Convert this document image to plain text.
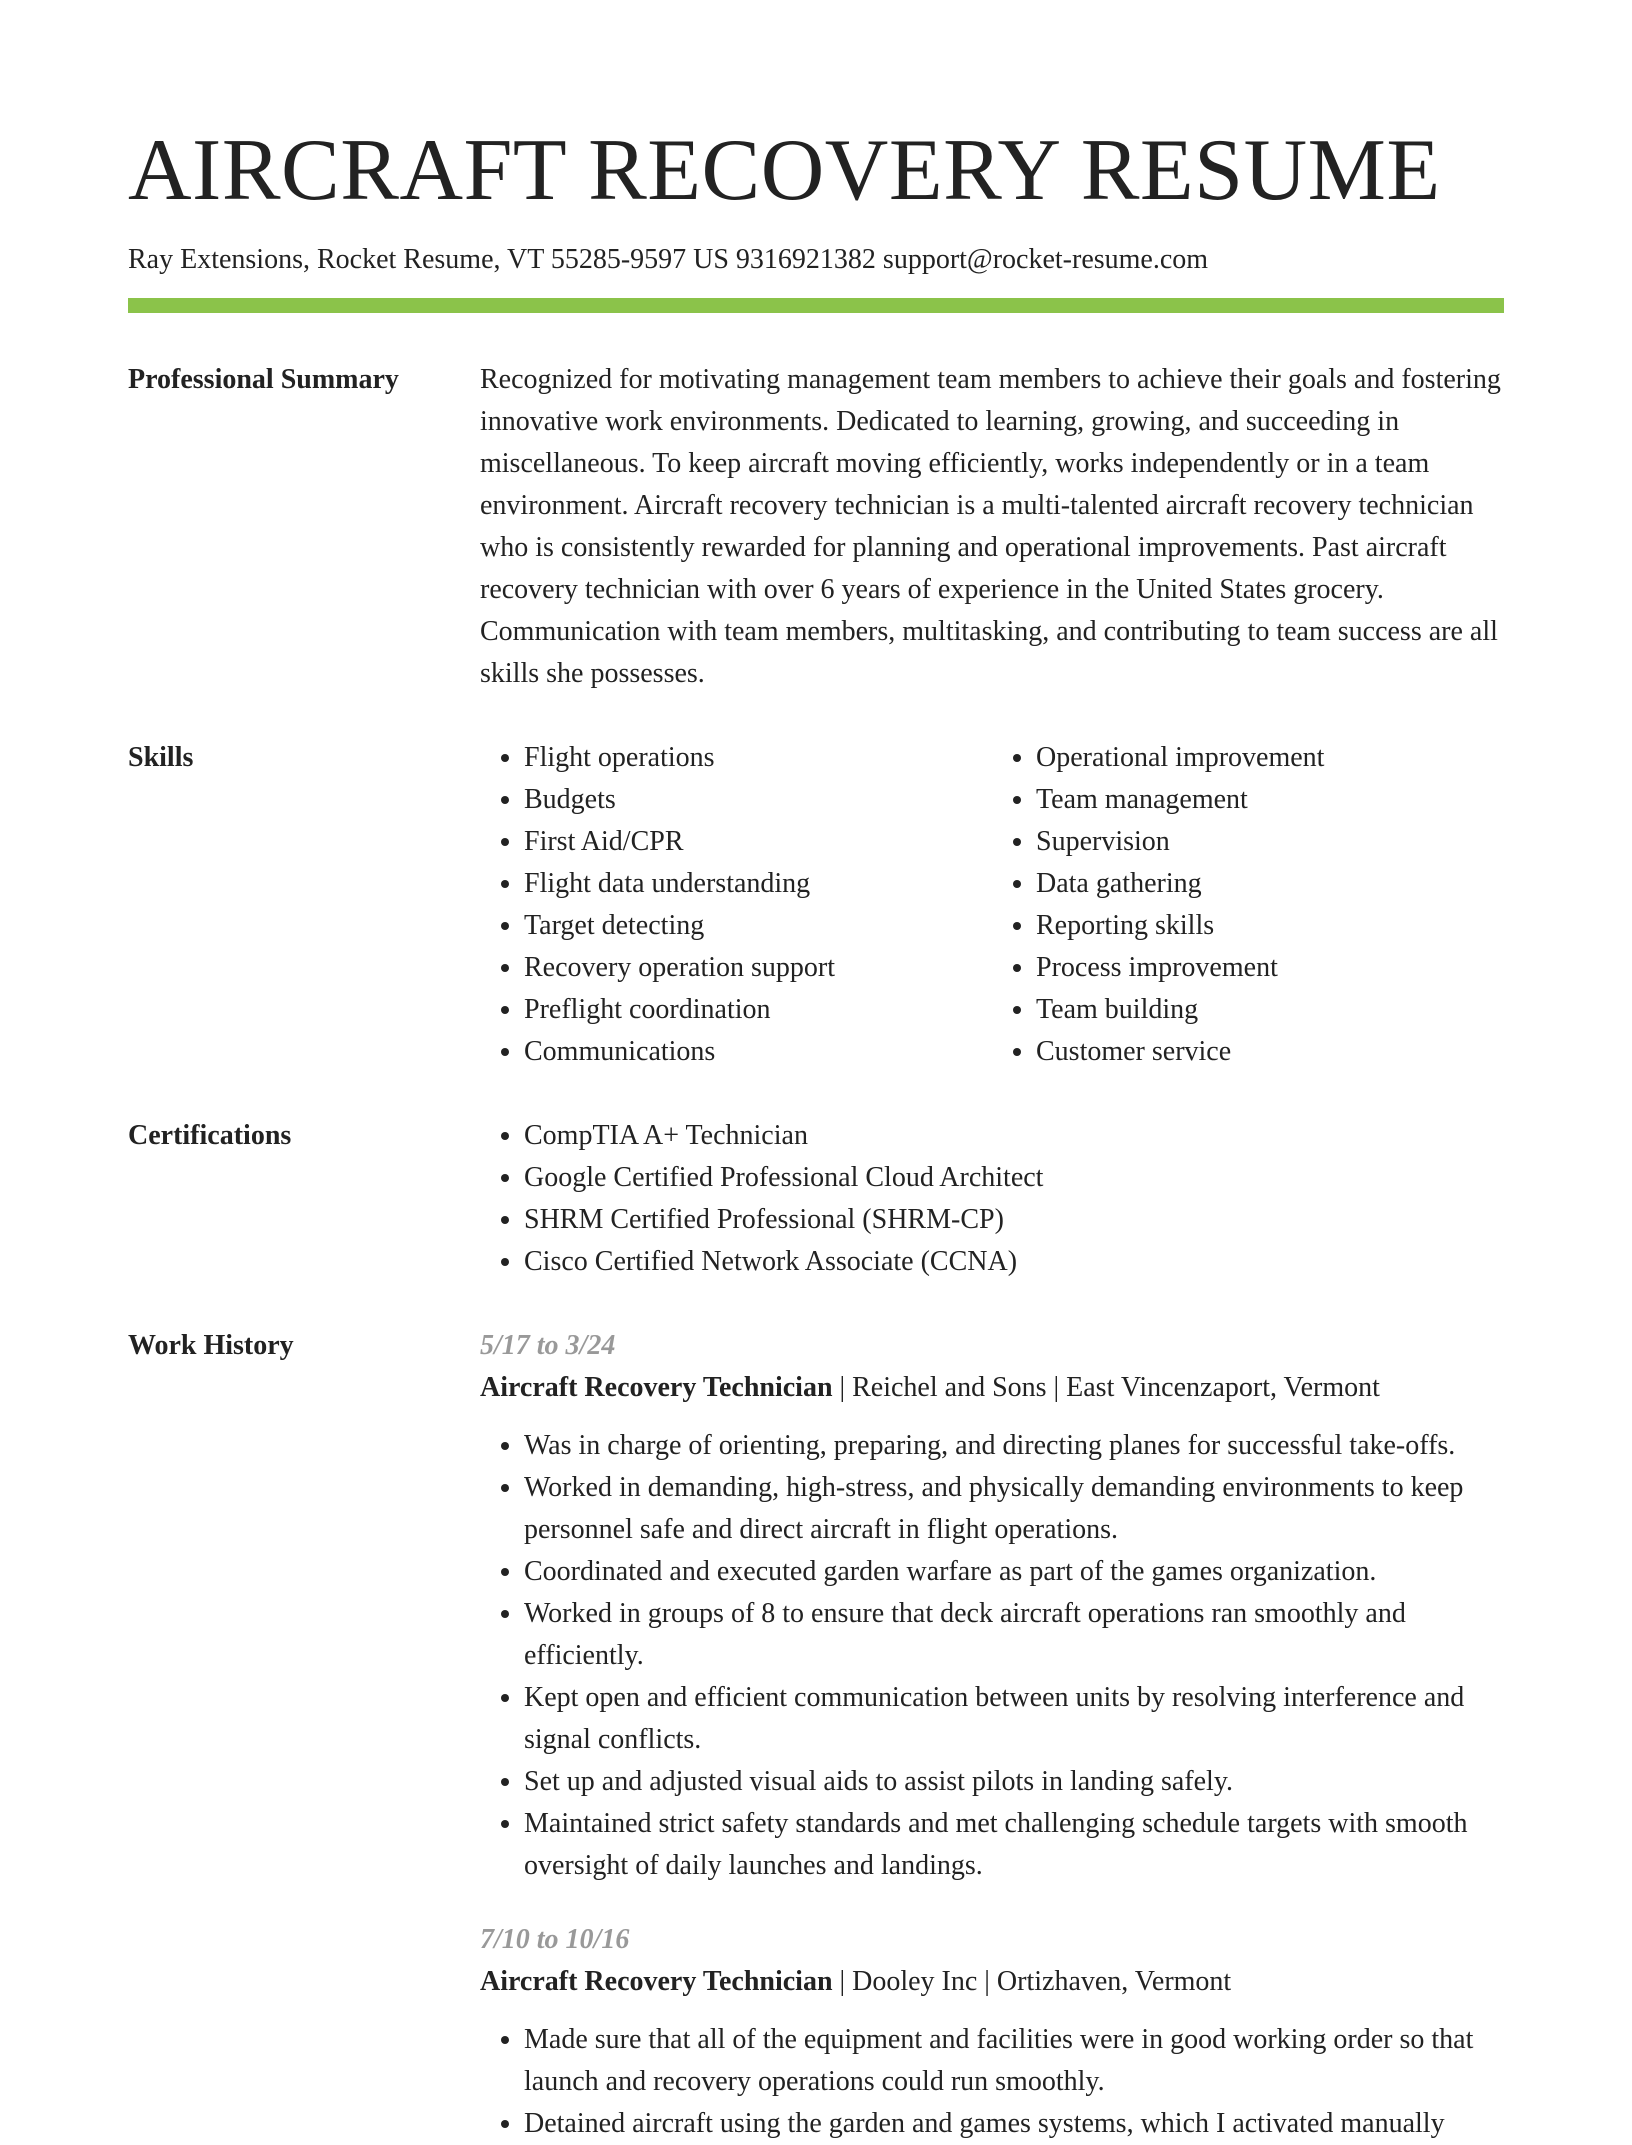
AIRCRAFT RECOVERY RESUME
Ray Extensions, Rocket Resume, VT 55285-9597 US 9316921382 support@rocket-resume.com
Professional Summary	Recognized for motivating management team members to achieve their goals and fostering innovative work environments. Dedicated to learning, growing, and succeeding in miscellaneous. To keep aircraft moving efficiently, works independently or in a team environment. Aircraft recovery technician is a multi-talented aircraft recovery technician who is consistently rewarded for planning and operational improvements. Past aircraft recovery technician with over 6 years of experience in the United States grocery. Communication with team members, multitasking, and contributing to team success are all skills she possesses.

Skills	• Flight operations
• Budgets
• First Aid/CPR
• Flight data understanding
• Target detecting
• Recovery operation support
• Preflight coordination
• Communications
• Operational improvement
• Team management
• Supervision
• Data gathering
• Reporting skills
• Process improvement
• Team building
• Customer service
Certifications	• CompTIA A+ Technician
• Google Certified Professional Cloud Architect
• SHRM Certified Professional (SHRM-CP)
• Cisco Certified Network Associate (CCNA)
Work History	5/17 to 3/24
Aircraft Recovery Technician | Reichel and Sons | East Vincenzaport, Vermont
• Was in charge of orienting, preparing, and directing planes for successful take-offs.
• Worked in demanding, high-stress, and physically demanding environments to keep personnel safe and direct aircraft in flight operations.
• Coordinated and executed garden warfare as part of the games organization.
• Worked in groups of 8 to ensure that deck aircraft operations ran smoothly and efficiently.
• Kept open and efficient communication between units by resolving interference and signal conflicts.
• Set up and adjusted visual aids to assist pilots in landing safely.
• Maintained strict safety standards and met challenging schedule targets with smooth oversight of daily launches and landings.
7/10 to 10/16
Aircraft Recovery Technician | Dooley Inc | Ortizhaven, Vermont
• Made sure that all of the equipment and facilities were in good working order so that launch and recovery operations could run smoothly.
• Detained aircraft using the garden and games systems, which I activated manually
